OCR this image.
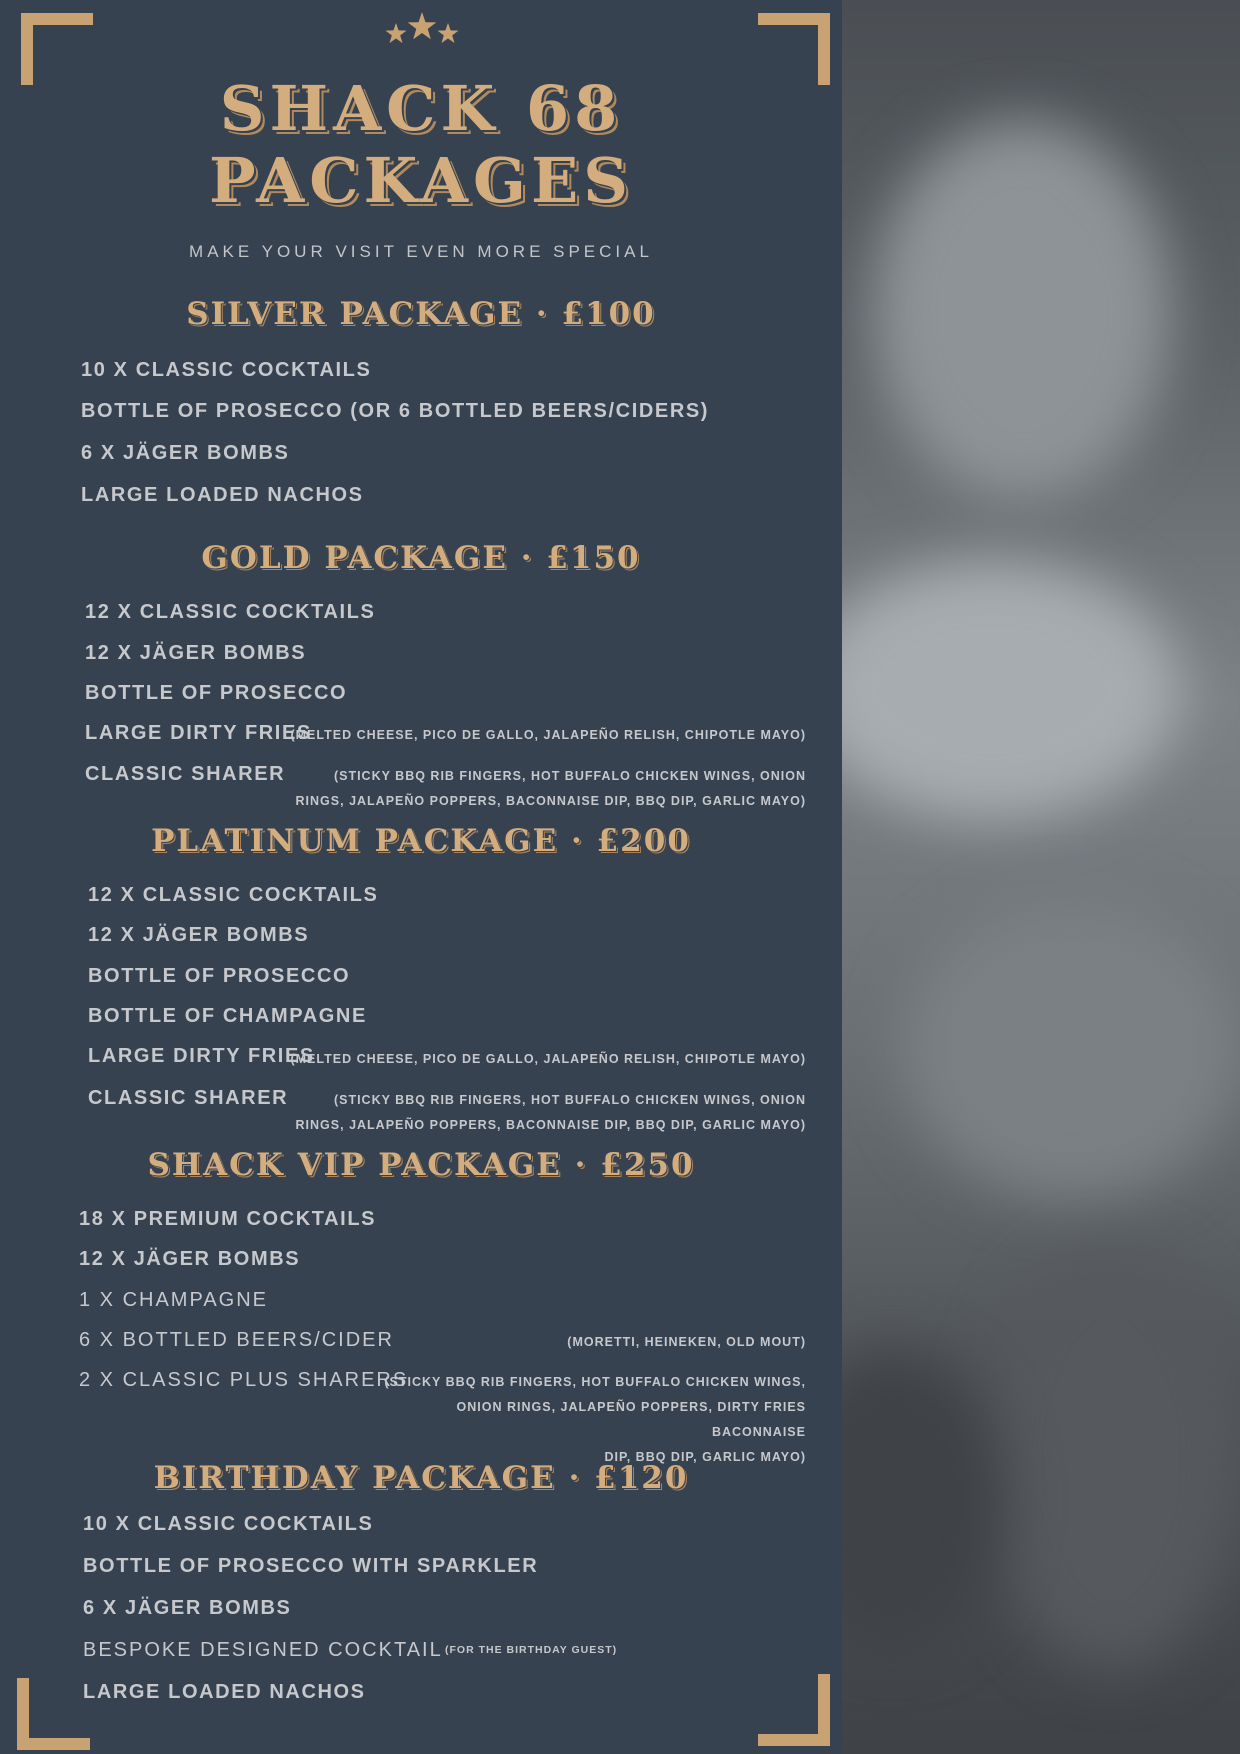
SHACK 68
PACKAGES
MAKE YOUR VISIT EVEN MORE SPECIAL
SILVER PACKAGE · £100
10 X CLASSIC COCKTAILS
BOTTLE OF PROSECCO (OR 6 BOTTLED BEERS/CIDERS)
6 X JÄGER BOMBS
LARGE LOADED NACHOS
GOLD PACKAGE · £150
12 X CLASSIC COCKTAILS
12 X JÄGER BOMBS
BOTTLE OF PROSECCO
LARGE DIRTY FRIES
(MELTED CHEESE, PICO DE GALLO, JALAPEÑO RELISH, CHIPOTLE MAYO)
CLASSIC SHARER	(STICKY BBQ RIB FINGERS, HOT BUFFALO CHICKEN WINGS, ONION
RINGS, JALAPEÑO POPPERS, BACONNAISE DIP, BBQ DIP, GARLIC MAYO)
PLATINUM PACKAGE · £200
12 X CLASSIC COCKTAILS
12 X JÄGER BOMBS
BOTTLE OF PROSECCO
BOTTLE OF CHAMPAGNE
LARGE DIRTY FRIES
(MELTED CHEESE, PICO DE GALLO, JALAPEÑO RELISH, CHIPOTLE MAYO)
CLASSIC SHARER	(STICKY BBQ RIB FINGERS, HOT BUFFALO CHICKEN WINGS, ONION
RINGS, JALAPEÑO POPPERS, BACONNAISE DIP, BBQ DIP, GARLIC MAYO)
SHACK VIP PACKAGE · £250
18 X PREMIUM COCKTAILS
12 X JÄGER BOMBS
1 X CHAMPAGNE
6 X BOTTLED BEERS/CIDER	(MORETTI, HEINEKEN, OLD MOUT)
2 X CLASSIC PLUS SHARERS
(STICKY BBQ RIB FINGERS, HOT BUFFALO CHICKEN WINGS,
ONION RINGS, JALAPEÑO POPPERS, DIRTY FRIES BACONNAISE
DIP, BBQ DIP, GARLIC MAYO)
BIRTHDAY PACKAGE · £120
10 X CLASSIC COCKTAILS
BOTTLE OF PROSECCO WITH SPARKLER
6 X JÄGER BOMBS
BESPOKE DESIGNED COCKTAIL (FOR THE BIRTHDAY GUEST)
LARGE LOADED NACHOS
